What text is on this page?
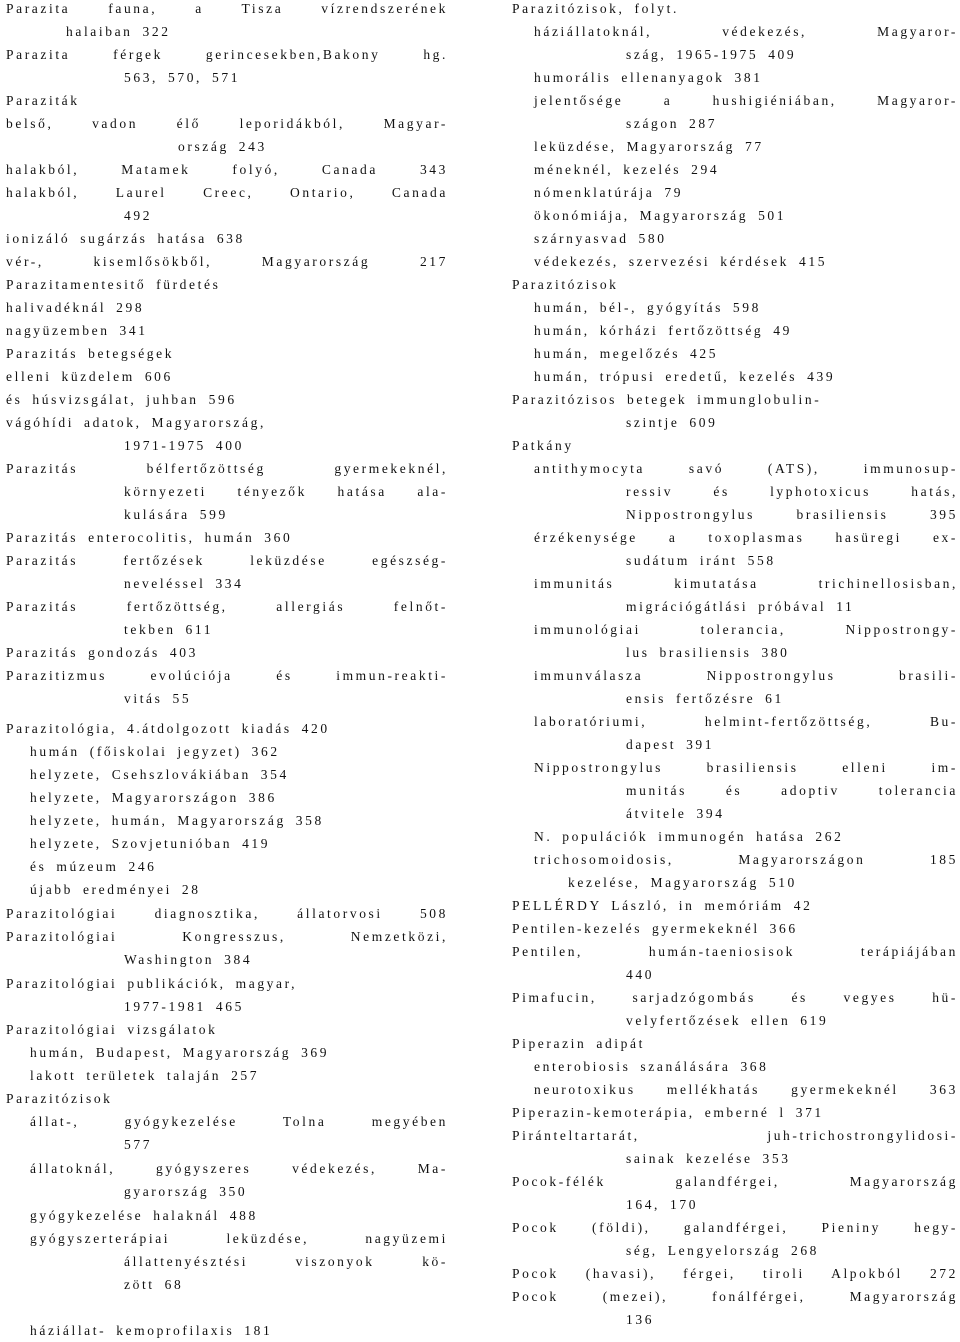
Parazita fauna, a Tisza vízrendszerének
halaiban 322
Parazita férgek gerincesekben,Bakony hg.
563, 570, 571
Paraziták
belső, vadon élő leporidákból, Magyar-
ország 243
halakból, Matamek folyó, Canada 343
halakból, Laurel Creec, Ontario, Canada
492
ionizáló sugárzás hatása 638
vér-, kisemlősökből, Magyarország 217
Parazitamentesitő fürdetés
halivadéknál 298
nagyüzemben 341
Parazitás betegségek
elleni küzdelem 606
és húsvizsgálat, juhban 596
vágóhídi adatok, Magyarország,
1971-1975 400
Parazitás bélfertőzöttség gyermekeknél,
környezeti tényezők hatása ala-
kulására 599
Parazitás enterocolitis, humán 360
Parazitás fertőzések leküzdése egészség-
neveléssel 334
Parazitás fertőzöttség, allergiás felnőt-
tekben 611
Parazitás gondozás 403
Parazitizmus evolúciója és immun-reakti-
vitás 55
Parazitológia, 4.átdolgozott kiadás 420
humán (főiskolai jegyzet) 362
helyzete, Csehszlovákiában 354
helyzete, Magyarországon 386
helyzete, humán, Magyarország 358
helyzete, Szovjetunióban 419
és múzeum 246
újabb eredményei 28
Parazitológiai diagnosztika, állatorvosi 508
Parazitológiai Kongresszus, Nemzetközi,
Washington 384
Parazitológiai publikációk, magyar,
1977-1981 465
Parazitológiai vizsgálatok
humán, Budapest, Magyarország 369
lakott területek talaján 257
Parazitózisok
állat-, gyógykezelése Tolna megyében
577
állatoknál, gyógyszeres védekezés, Ma-
gyarország 350
gyógykezelése halaknál 488
gyógyszerterápiai leküzdése, nagyüzemi
állattenyésztési viszonyok kö-
zött 68
háziállat- kemoprofilaxis 181
Parazitózisok, folyt.
háziállatoknál, védekezés, Magyaror-
szág, 1965-1975 409
humorális ellenanyagok 381
jelentősége a hushigiéniában, Magyaror-
szágon 287
leküzdése, Magyarország 77
méneknél, kezelés 294
nómenklatúrája 79
ökonómiája, Magyarország 501
szárnyasvad 580
védekezés, szervezési kérdések 415
Parazitózisok
humán, bél-, gyógyítás 598
humán, kórházi fertőzöttség 49
humán, megelőzés 425
humán, trópusi eredetű, kezelés 439
Parazitózisos betegek immunglobulin-
szintje 609
Patkány
antithymocyta savó (ATS), immunosup-
ressiv és lyphotoxicus hatás,
Nippostrongylus brasiliensis 395
érzékenysége a toxoplasmas hasüregi ex-
sudátum iránt 558
immunitás kimutatása trichinellosisban,
migrációgátlási próbával 11
immunológiai tolerancia, Nippostrongy-
lus brasiliensis 380
immunválasza Nippostrongylus brasili-
ensis fertőzésre 61
laboratóriumi, helmint-fertőzöttség, Bu-
dapest 391
Nippostrongylus brasiliensis elleni im-
munitás és adoptiv tolerancia
átvitele 394
N. populációk immunogén hatása 262
trichosomoidosis, Magyarországon 185
kezelése, Magyarország 510
PELLÉRDY László, in memóriám 42
Pentilen-kezelés gyermekeknél 366
Pentilen, humán-taeniosisok terápiájában
440
Pimafucin, sarjadzógombás és vegyes hü-
velyfertőzések ellen 619
Piperazin adipát
enterobiosis szanálására 368
neurotoxikus mellékhatás gyermekeknél 363
Piperazin-kemoterápia, emberné l 371
Piránteltartarát, juh-trichostrongylidosi-
sainak kezelése 353
Pocok-félék galandférgei, Magyarország
164, 170
Pocok (földi), galandférgei, Pieniny hegy-
ség, Lengyelország 268
Pocok (havasi), férgei, tiroli Alpokból 272
Pocok (mezei), fonálférgei, Magyarország
136
